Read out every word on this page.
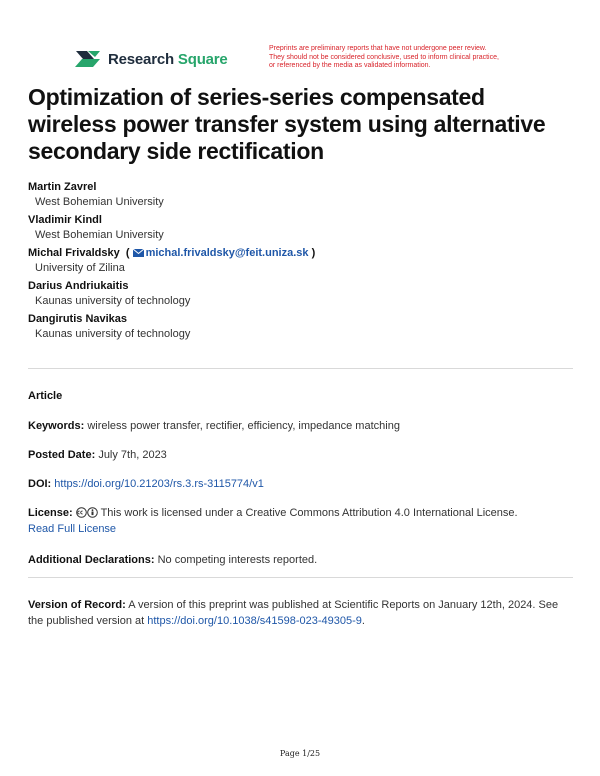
Research Square
Preprints are preliminary reports that have not undergone peer review.
They should not be considered conclusive, used to inform clinical practice,
or referenced by the media as validated information.
Optimization of series-series compensated wireless power transfer system using alternative secondary side rectification
Martin Zavrel
West Bohemian University
Vladimir Kindl
West Bohemian University
Michal Frivaldsky  ( michal.frivaldsky@feit.uniza.sk )
University of Zilina
Darius Andriukaitis
Kaunas university of technology
Dangirutis Navikas
Kaunas university of technology
Article
Keywords: wireless power transfer, rectifier, efficiency, impedance matching
Posted Date: July 7th, 2023
DOI: https://doi.org/10.21203/rs.3.rs-3115774/v1
License:	This work is licensed under a Creative Commons Attribution 4.0 International License.
Read Full License
Additional Declarations: No competing interests reported.
Version of Record: A version of this preprint was published at Scientific Reports on January 12th, 2024. See the published version at https://doi.org/10.1038/s41598-023-49305-9.
Page 1/25
